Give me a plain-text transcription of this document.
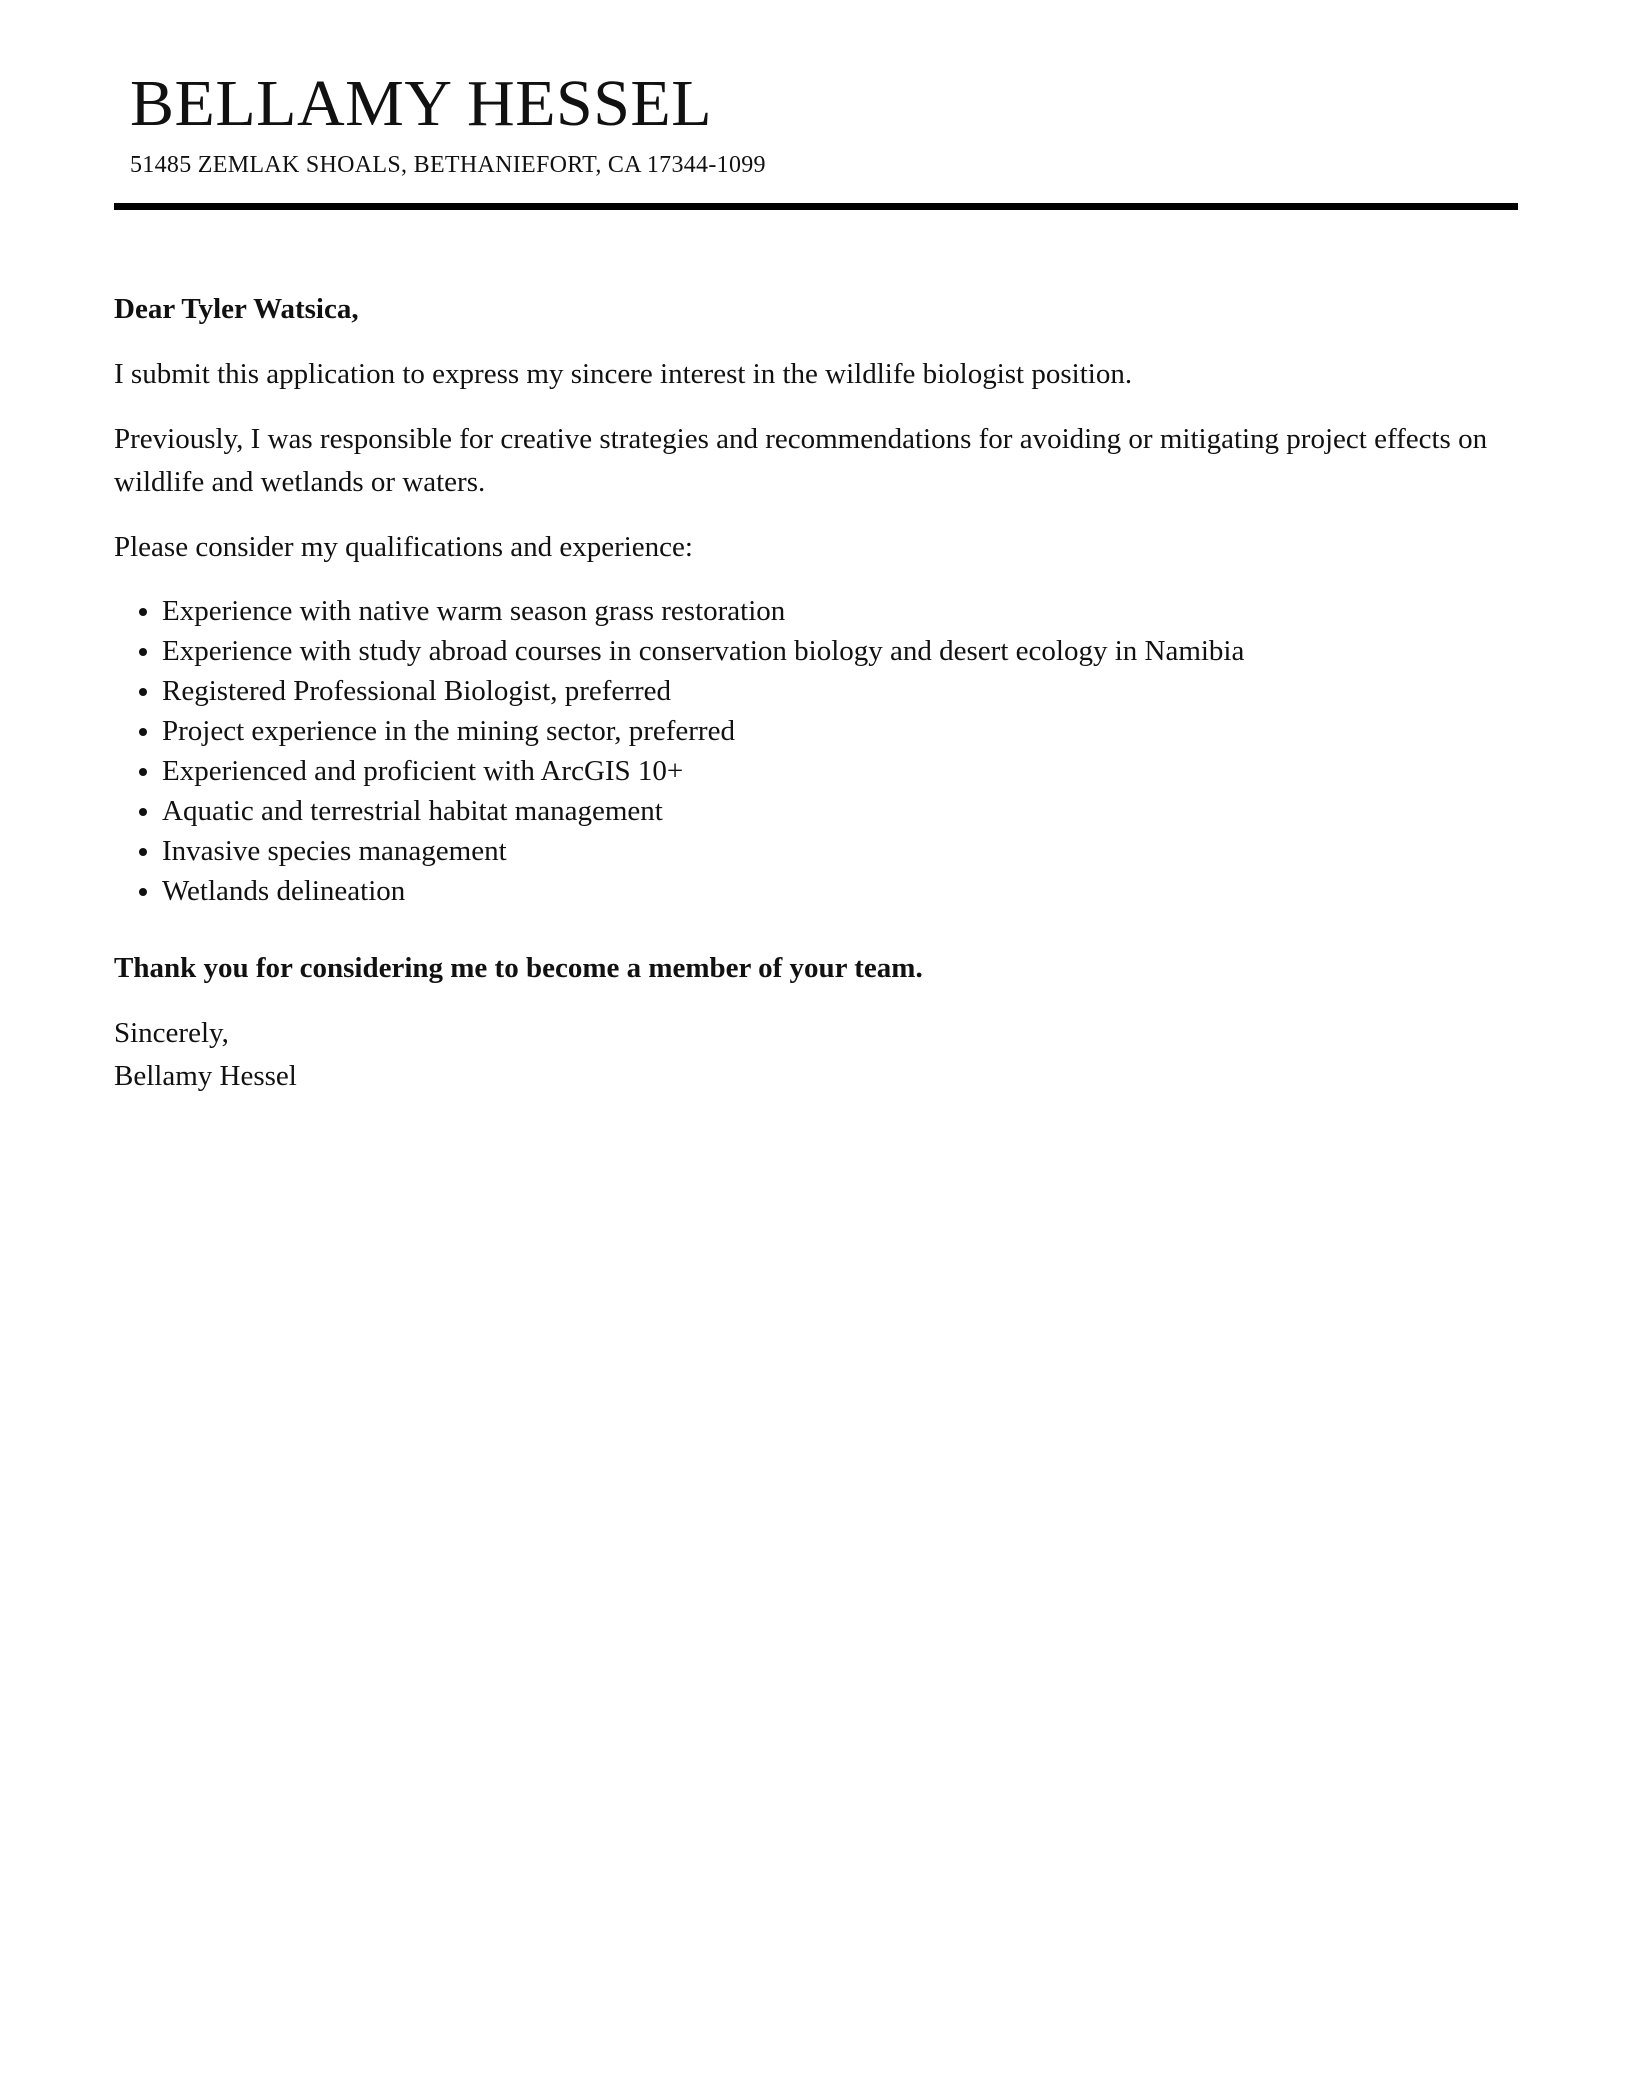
BELLAMY HESSEL
51485 ZEMLAK SHOALS, BETHANIEFORT, CA 17344-1099

Dear Tyler Watsica,

I submit this application to express my sincere interest in the wildlife biologist position.

Previously, I was responsible for creative strategies and recommendations for avoiding or mitigating project effects on wildlife and wetlands or waters.

Please consider my qualifications and experience:

• Experience with native warm season grass restoration
• Experience with study abroad courses in conservation biology and desert ecology in Namibia
• Registered Professional Biologist, preferred
• Project experience in the mining sector, preferred
• Experienced and proficient with ArcGIS 10+
• Aquatic and terrestrial habitat management
• Invasive species management
• Wetlands delineation

Thank you for considering me to become a member of your team.

Sincerely,
Bellamy Hessel
